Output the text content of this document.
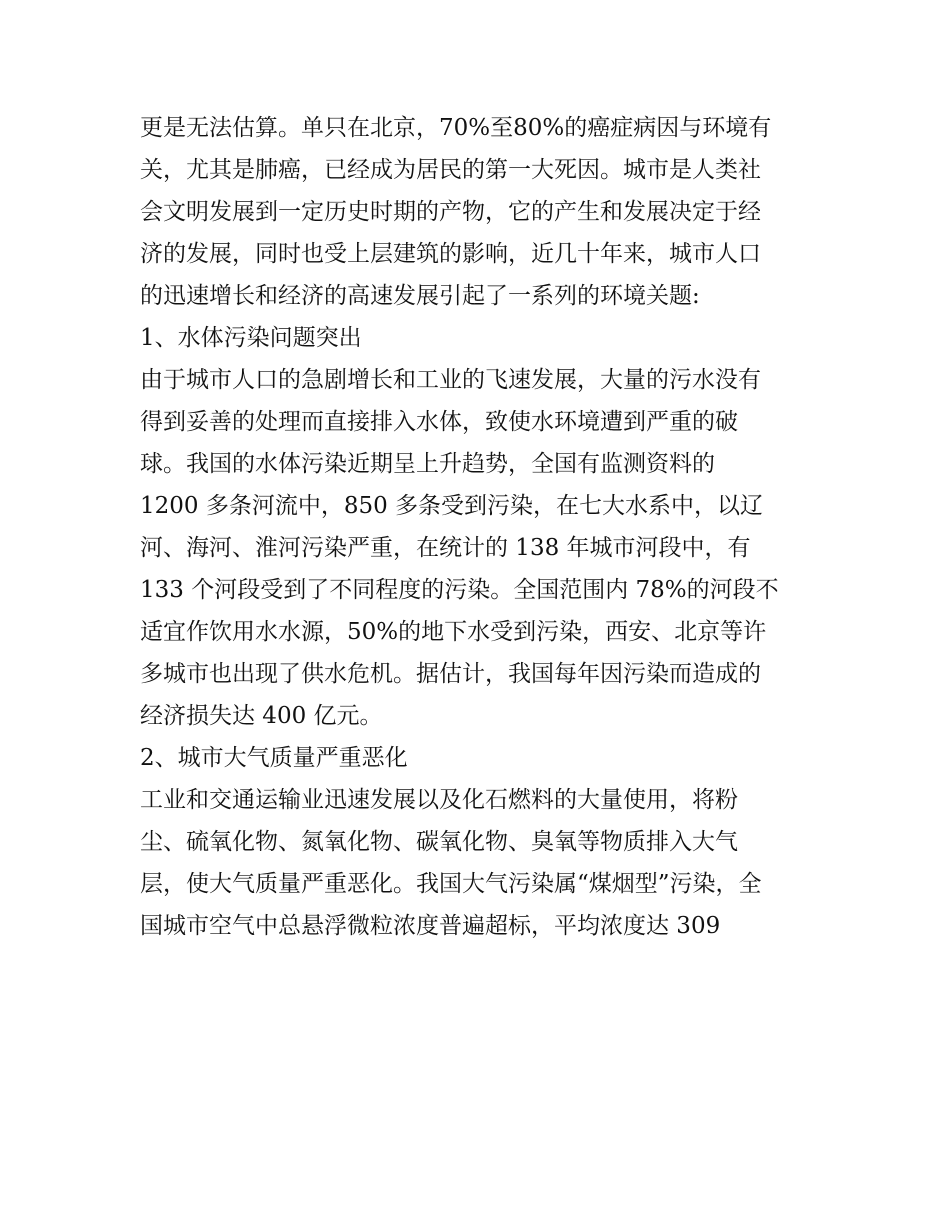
更是无法估算。单只在北京，70%至80%的癌症病因与环境有
关，尤其是肺癌，已经成为居民的第一大死因。城市是人类社
会文明发展到一定历史时期的产物，它的产生和发展决定于经
济的发展，同时也受上层建筑的影响，近几十年来，城市人口
的迅速增长和经济的高速发展引起了一系列的环境关题:
1、水体污染问题突出
由于城市人口的急剧增长和工业的飞速发展，大量的污水没有
得到妥善的处理而直接排入水体，致使水环境遭到严重的破
球。我国的水体污染近期呈上升趋势，全国有监测资料的
1200 多条河流中，850 多条受到污染，在七大水系中，以辽
河、海河、淮河污染严重，在统计的 138 年城市河段中，有
133 个河段受到了不同程度的污染。全国范围内 78%的河段不
适宜作饮用水水源，50%的地下水受到污染，西安、北京等许
多城市也出现了供水危机。据估计，我国每年因污染而造成的
经济损失达 400 亿元。
2、城市大气质量严重恶化
工业和交通运输业迅速发展以及化石燃料的大量使用，将粉
尘、硫氧化物、氮氧化物、碳氧化物、臭氧等物质排入大气
层，使大气质量严重恶化。我国大气污染属“煤烟型”污染，全
国城市空气中总悬浮微粒浓度普遍超标，平均浓度达 309
